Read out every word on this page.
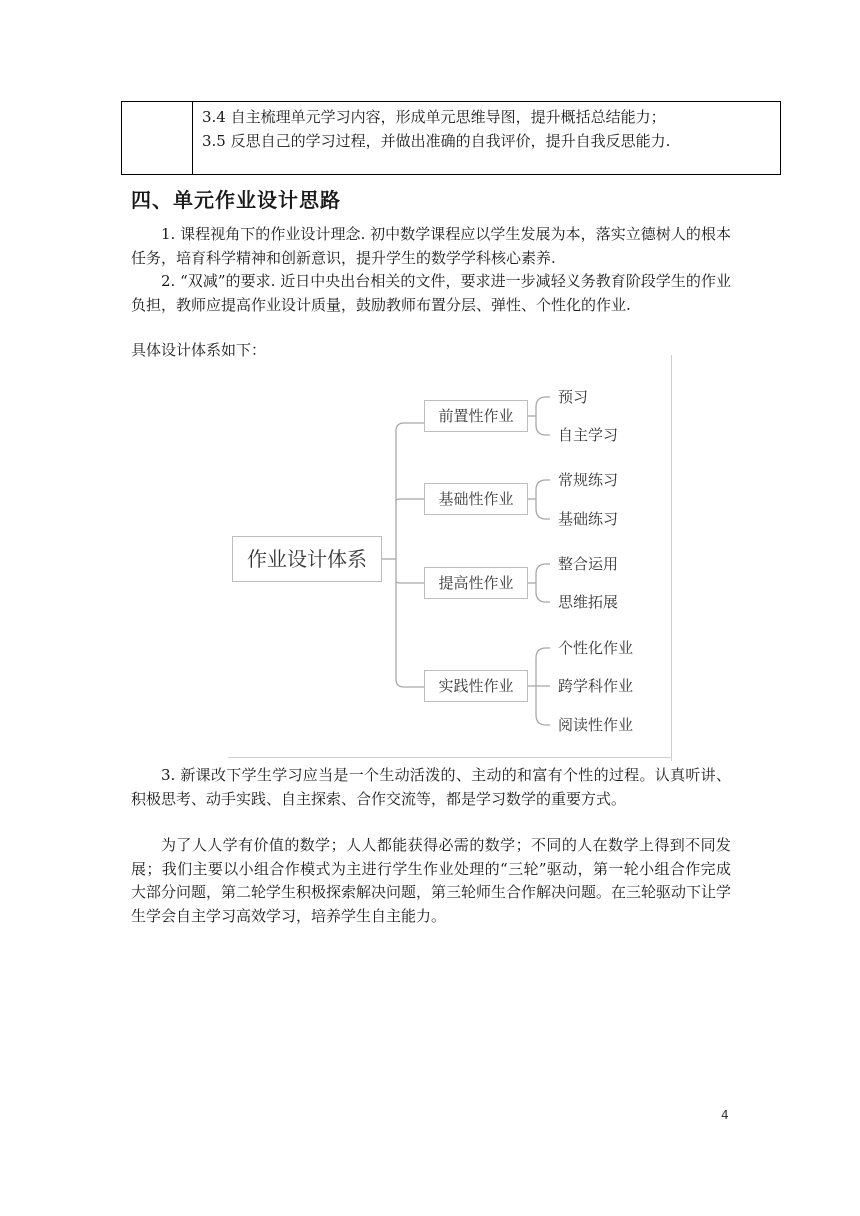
3.4 自主梳理单元学习内容，形成单元思维导图，提升概括总结能力；
3.5 反思自己的学习过程，并做出准确的自我评价，提升自我反思能力.
四、单元作业设计思路
1. 课程视角下的作业设计理念. 初中数学课程应以学生发展为本，落实立德树人的根本任务，培育科学精神和创新意识，提升学生的数学学科核心素养.
2. “双减”的要求. 近日中央出台相关的文件，要求进一步减轻义务教育阶段学生的作业负担，教师应提高作业设计质量，鼓励教师布置分层、弹性、个性化的作业.
具体设计体系如下：
作业设计体系
前置性作业
基础性作业
提高性作业
实践性作业
预习
自主学习
常规练习
基础练习
整合运用
思维拓展
个性化作业
跨学科作业
阅读性作业
3. 新课改下学生学习应当是一个生动活泼的、主动的和富有个性的过程。认真听讲、积极思考、动手实践、自主探索、合作交流等，都是学习数学的重要方式。
为了人人学有价值的数学；人人都能获得必需的数学；不同的人在数学上得到不同发展；我们主要以小组合作模式为主进行学生作业处理的“三轮”驱动，第一轮小组合作完成大部分问题，第二轮学生积极探索解决问题，第三轮师生合作解决问题。在三轮驱动下让学生学会自主学习高效学习，培养学生自主能力。
4
